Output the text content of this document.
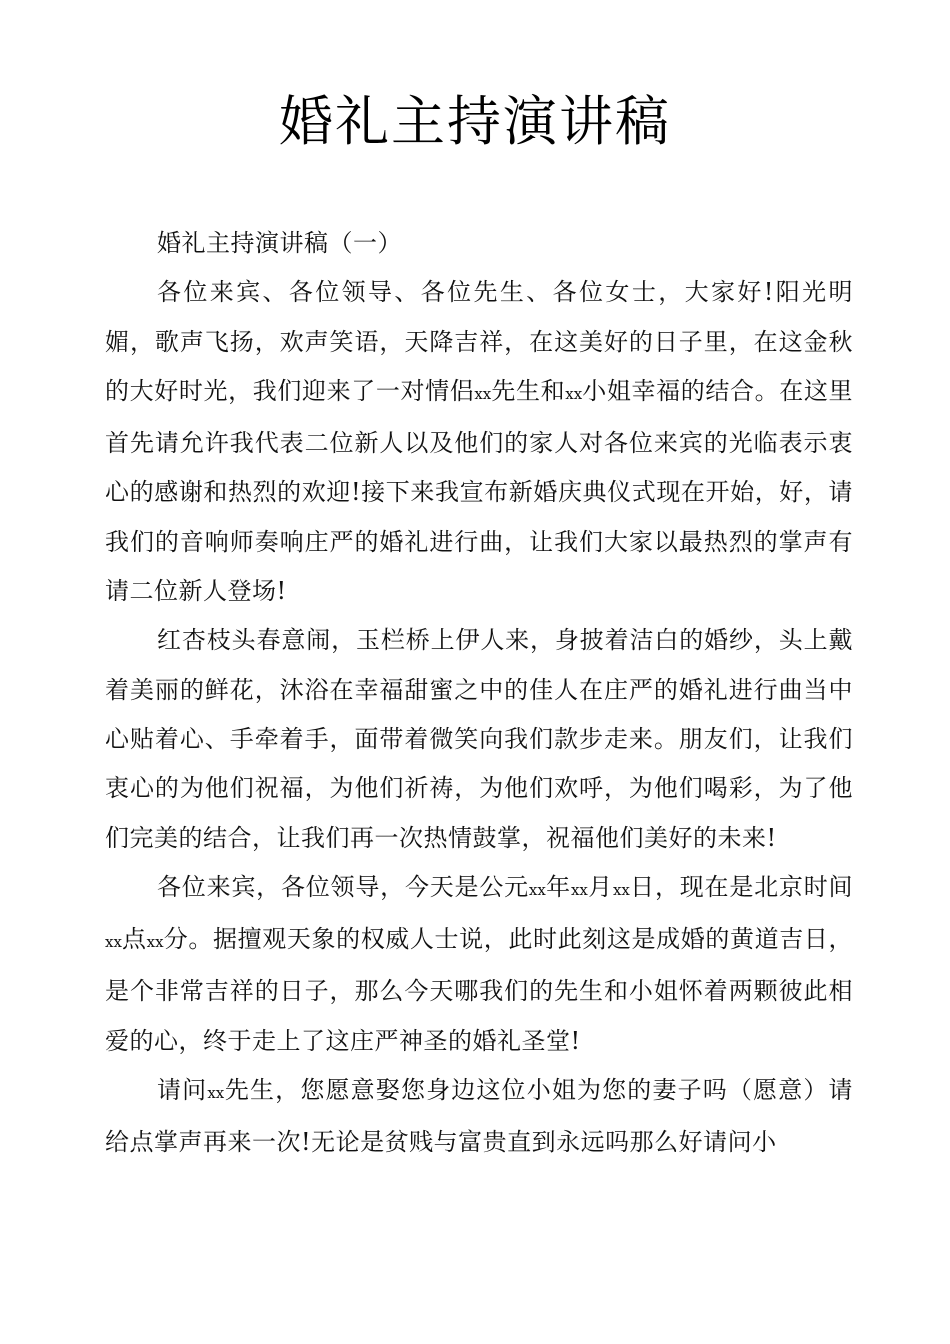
婚礼主持演讲稿

婚礼主持演讲稿（一）

各位来宾、各位领导、各位先生、各位女士，大家好!阳光明媚，歌声飞扬，欢声笑语，天降吉祥，在这美好的日子里，在这金秋的大好时光，我们迎来了一对情侣xx先生和xx小姐幸福的结合。在这里首先请允许我代表二位新人以及他们的家人对各位来宾的光临表示衷心的感谢和热烈的欢迎!接下来我宣布新婚庆典仪式现在开始，好，请我们的音响师奏响庄严的婚礼进行曲，让我们大家以最热烈的掌声有请二位新人登场!

红杏枝头春意闹，玉栏桥上伊人来，身披着洁白的婚纱，头上戴着美丽的鲜花，沐浴在幸福甜蜜之中的佳人在庄严的婚礼进行曲当中心贴着心、手牵着手，面带着微笑向我们款步走来。朋友们，让我们衷心的为他们祝福，为他们祈祷，为他们欢呼，为他们喝彩，为了他们完美的结合，让我们再一次热情鼓掌，祝福他们美好的未来!

各位来宾，各位领导，今天是公元xx年xx月xx日，现在是北京时间xx点xx分。据擅观天象的权威人士说，此时此刻这是成婚的黄道吉日，是个非常吉祥的日子，那么今天哪我们的先生和小姐怀着两颗彼此相爱的心，终于走上了这庄严神圣的婚礼圣堂!

请问xx先生，您愿意娶您身边这位小姐为您的妻子吗（愿意）请给点掌声再来一次!无论是贫贱与富贵直到永远吗那么好请问小
